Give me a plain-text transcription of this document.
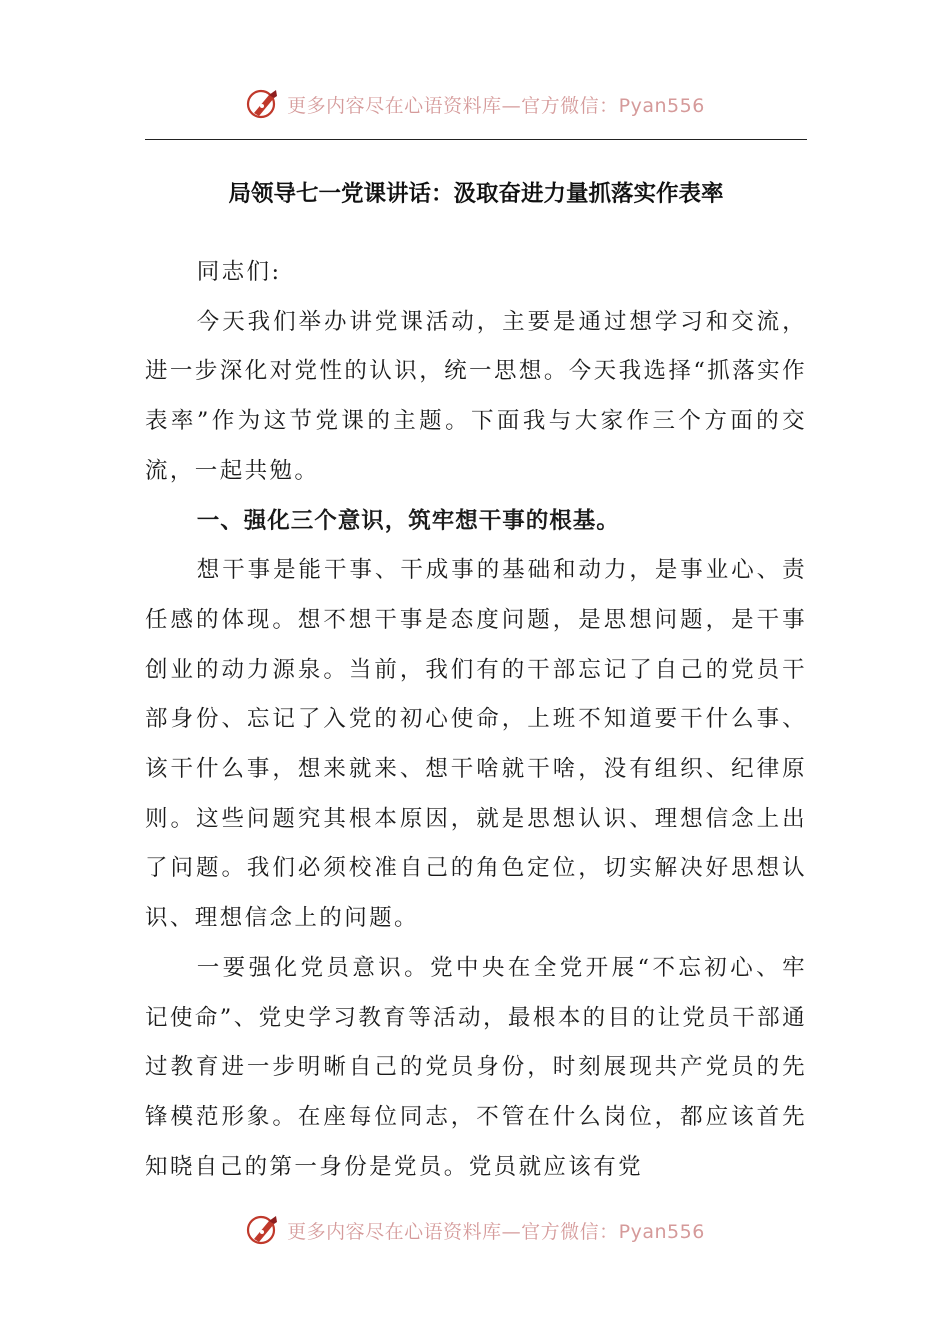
更多内容尽在心语资料库—官方微信：Pyan556
局领导七一党课讲话：汲取奋进力量抓落实作表率

同志们:

今天我们举办讲党课活动，主要是通过想学习和交流，进一步深化对党性的认识，统一思想。今天我选择“抓落实作表率”作为这节党课的主题。下面我与大家作三个方面的交流，一起共勉。

一、强化三个意识，筑牢想干事的根基。

想干事是能干事、干成事的基础和动力，是事业心、责任感的体现。想不想干事是态度问题，是思想问题，是干事创业的动力源泉。当前，我们有的干部忘记了自己的党员干部身份、忘记了入党的初心使命，上班不知道要干什么事、该干什么事，想来就来、想干啥就干啥，没有组织、纪律原则。这些问题究其根本原因，就是思想认识、理想信念上出了问题。我们必须校准自己的角色定位，切实解决好思想认识、理想信念上的问题。

一要强化党员意识。党中央在全党开展“不忘初心、牢记使命”、党史学习教育等活动，最根本的目的让党员干部通过教育进一步明晰自己的党员身份，时刻展现共产党员的先锋模范形象。在座每位同志，不管在什么岗位，都应该首先知晓自己的第一身份是党员。党员就应该有党

更多内容尽在心语资料库—官方微信：Pyan556
